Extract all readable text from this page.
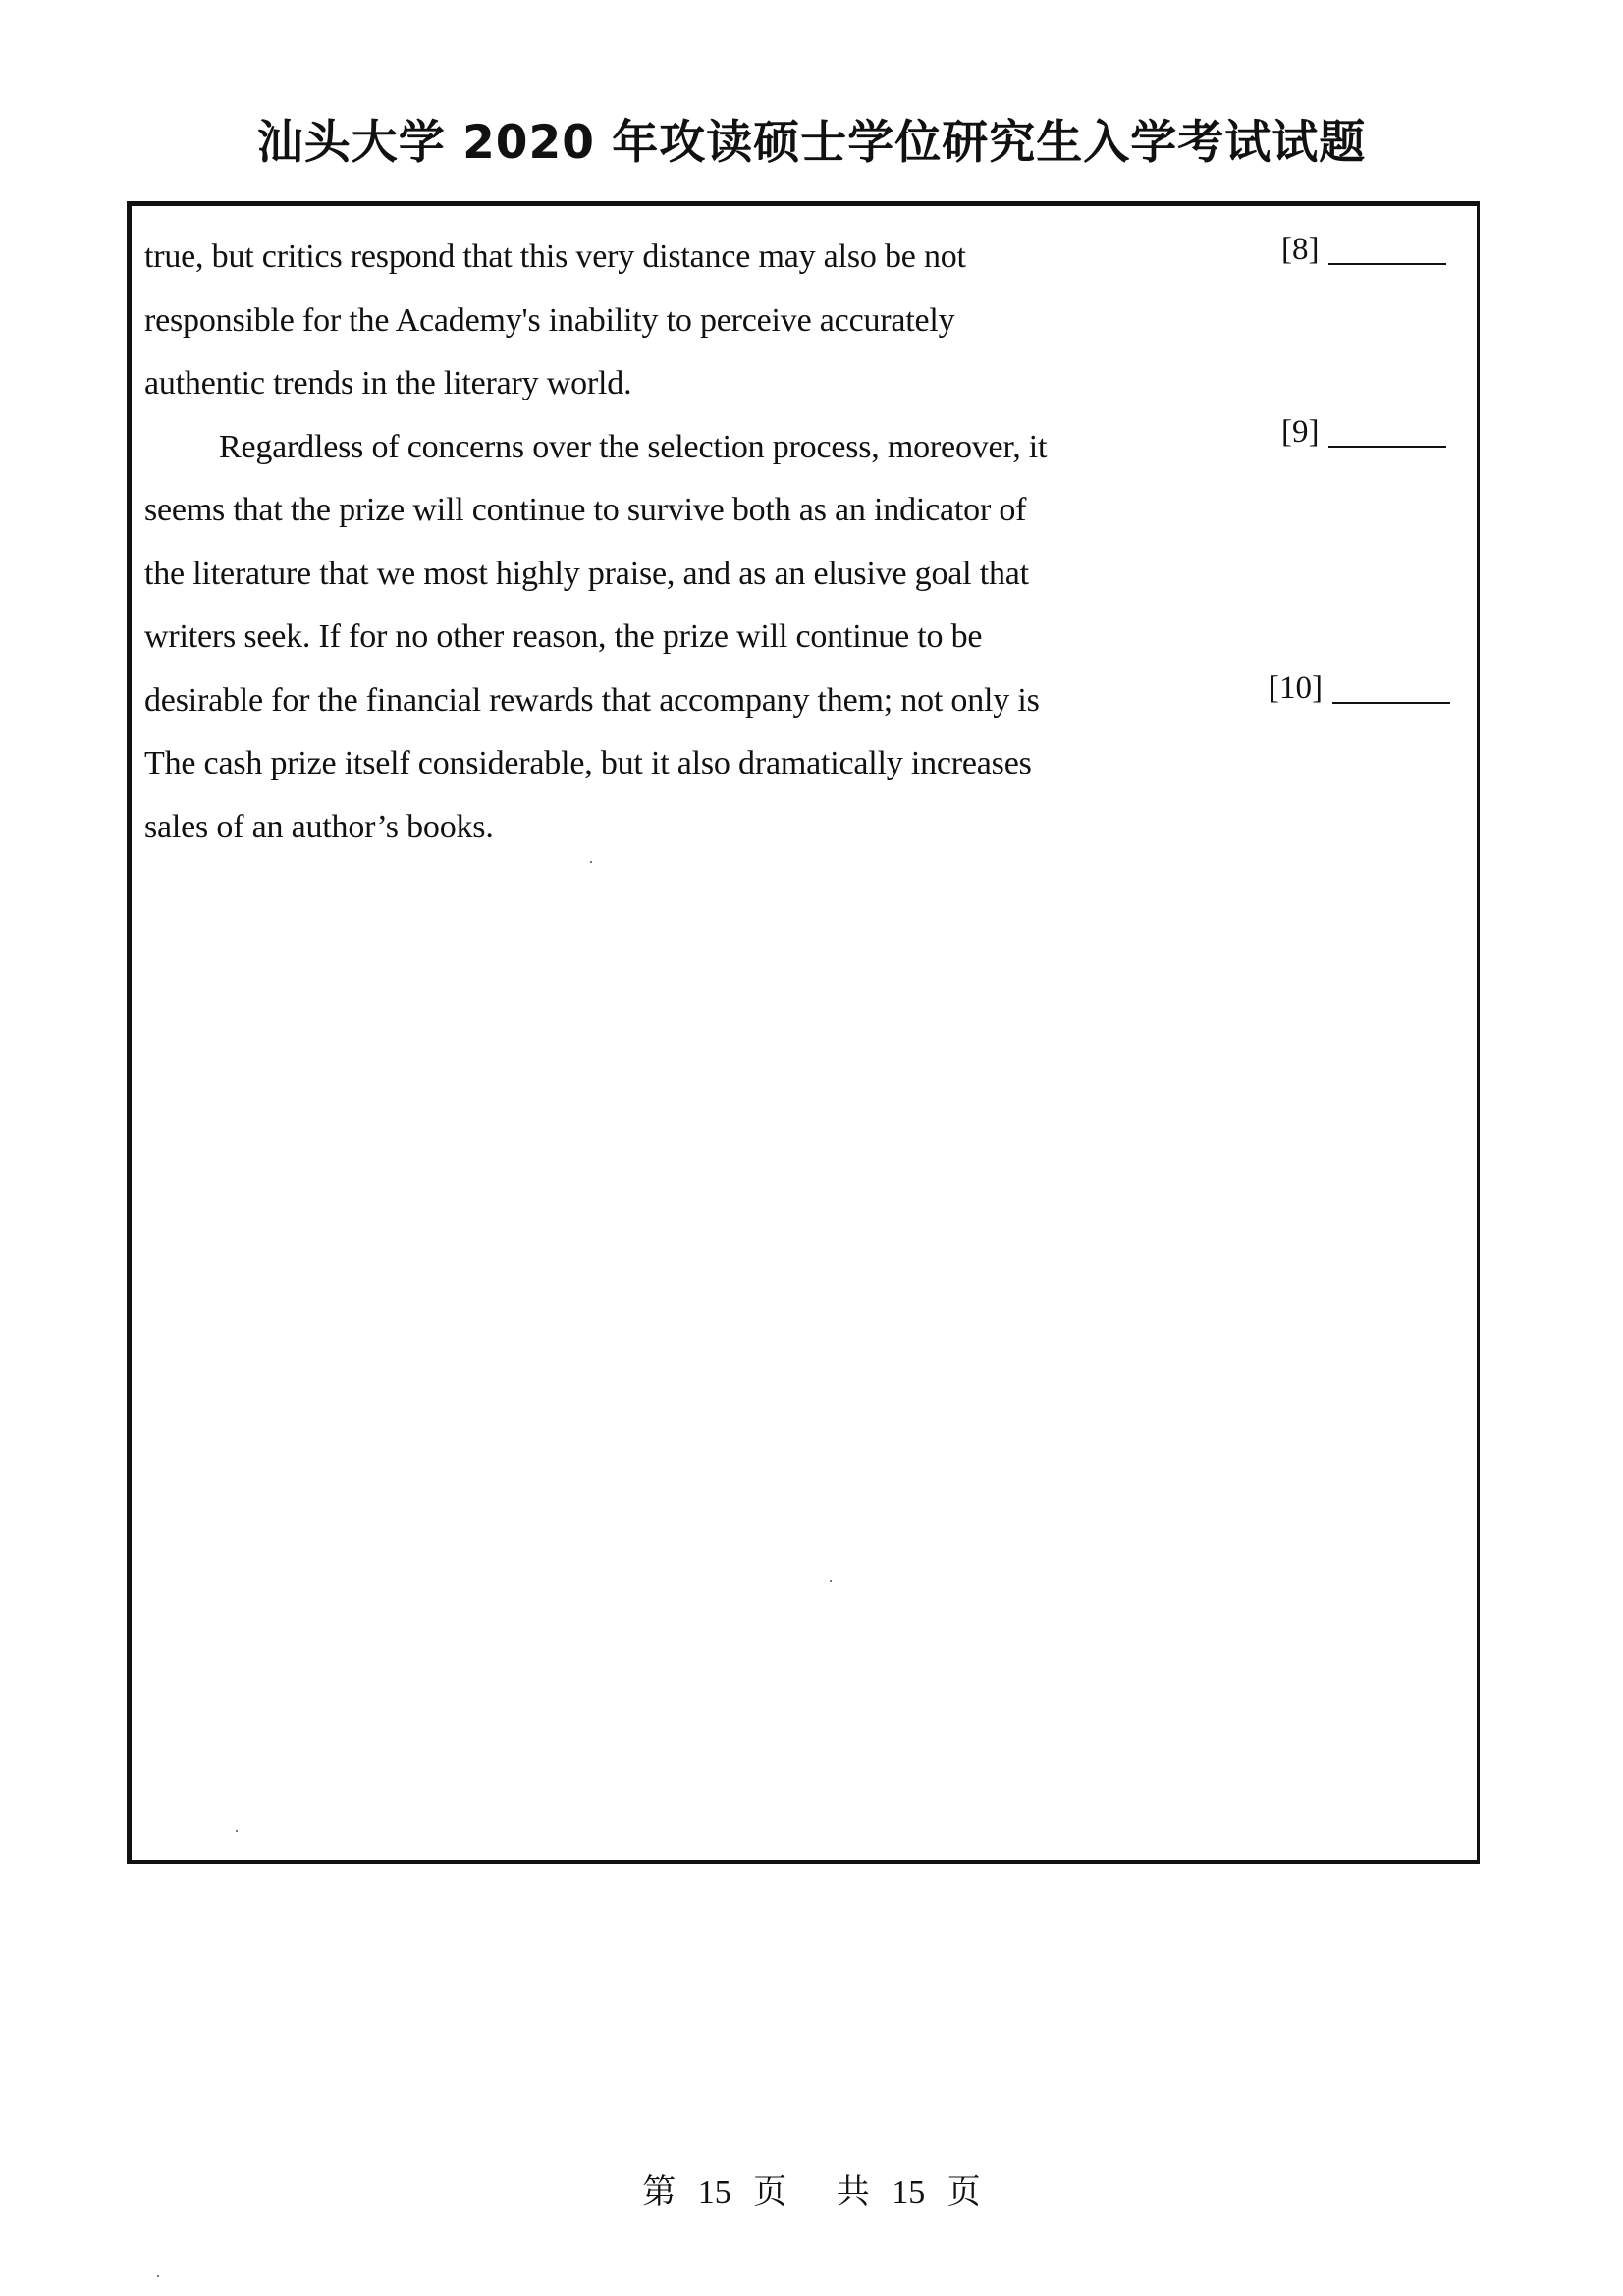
汕头大学 2020 年攻读硕士学位研究生入学考试试题
true, but critics respond that this very distance may also be not
responsible for the Academy's inability to perceive accurately
authentic trends in the literary world.
Regardless of concerns over the selection process, moreover, it
seems that the prize will continue to survive both as an indicator of
the literature that we most highly praise, and as an elusive goal that
writers seek. If for no other reason, the prize will continue to be
desirable for the financial rewards that accompany them; not only is
The cash prize itself considerable, but it also dramatically increases
sales of an author’s books.
[8]
[9]
[10]
第 15 页 共 15 页
